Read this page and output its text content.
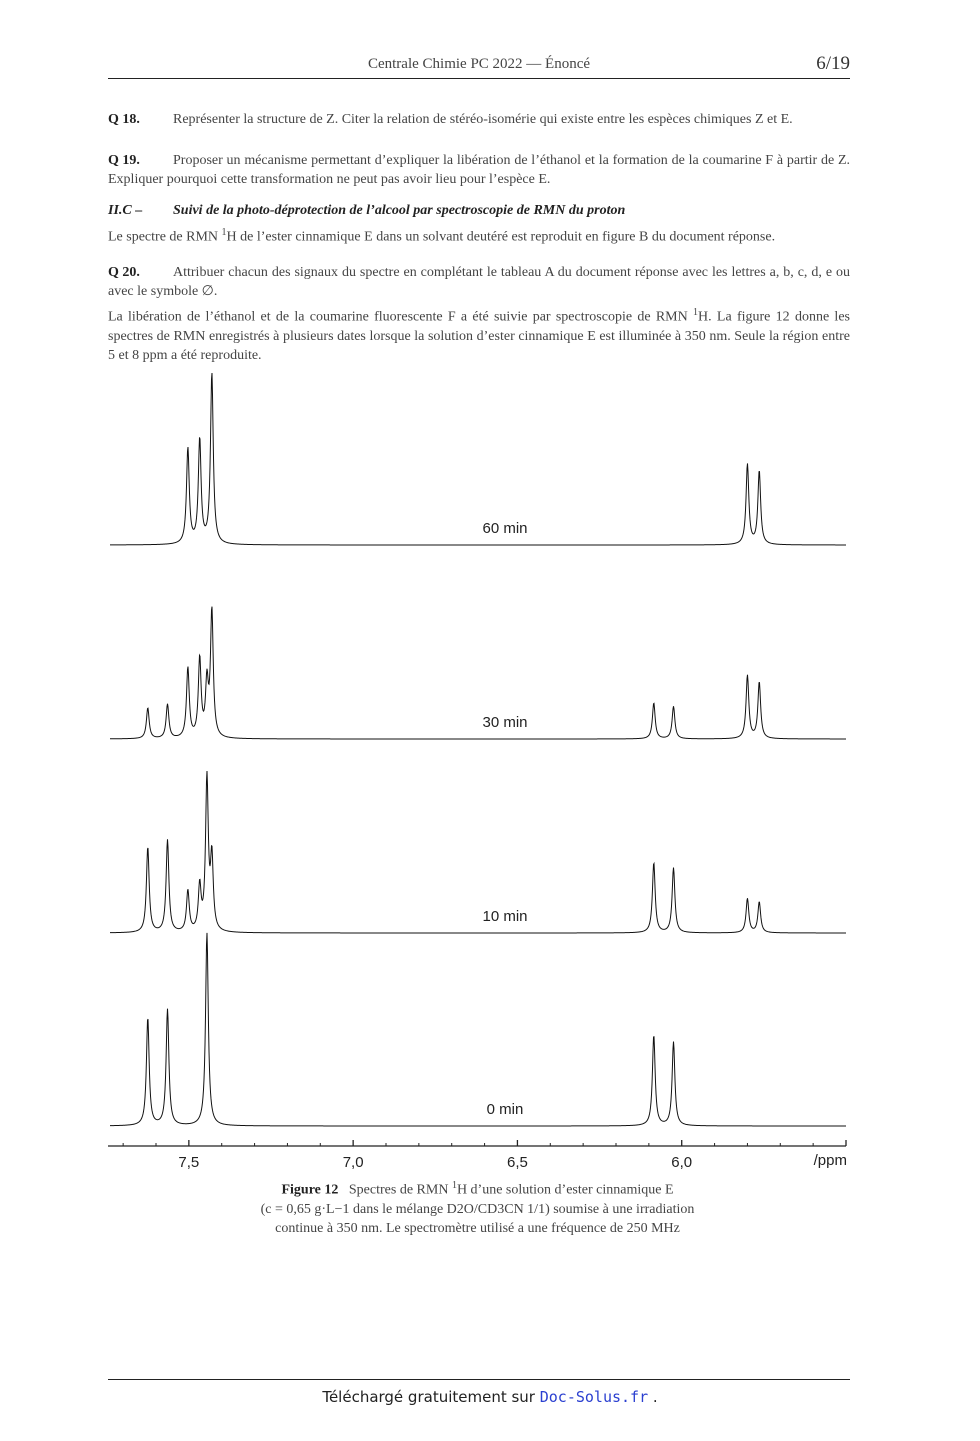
Centrale Chimie PC 2022 — Énoncé	6/19
Q 18. Représenter la structure de Z. Citer la relation de stéréo-isomérie qui existe entre les espèces chimiques Z et E.
Q 19. Proposer un mécanisme permettant d’expliquer la libération de l’éthanol et la formation de la coumarine F à partir de Z. Expliquer pourquoi cette transformation ne peut pas avoir lieu pour l’espèce E.
II.C – Suivi de la photo-déprotection de l’alcool par spectroscopie de RMN du proton
Le spectre de RMN $^1$H de l’ester cinnamique E dans un solvant deutéré est reproduit en figure B du document réponse.
Q 20. Attribuer chacun des signaux du spectre en complétant le tableau A du document réponse avec les lettres a, b, c, d, e ou avec le symbole ∅.
La libération de l’éthanol et de la coumarine fluorescente F a été suivie par spectroscopie de RMN $^1$H. La figure 12 donne les spectres de RMN enregistrés à plusieurs dates lorsque la solution d’ester cinnamique E est illuminée à 350 nm. Seule la région entre 5 et 8 ppm a été reproduite.
60 min
30 min
10 min
0 min
7,5	7,0	6,5	6,0	/ppm
Figure 12 Spectres de RMN $^1$H d’une solution d’ester cinnamique E
(c = 0,65 g·L−1 dans le mélange D2O/CD3CN 1/1) soumise à une irradiation
continue à 350 nm. Le spectromètre utilisé a une fréquence de 250 MHz
Téléchargé gratuitement sur Doc-Solus.fr .
